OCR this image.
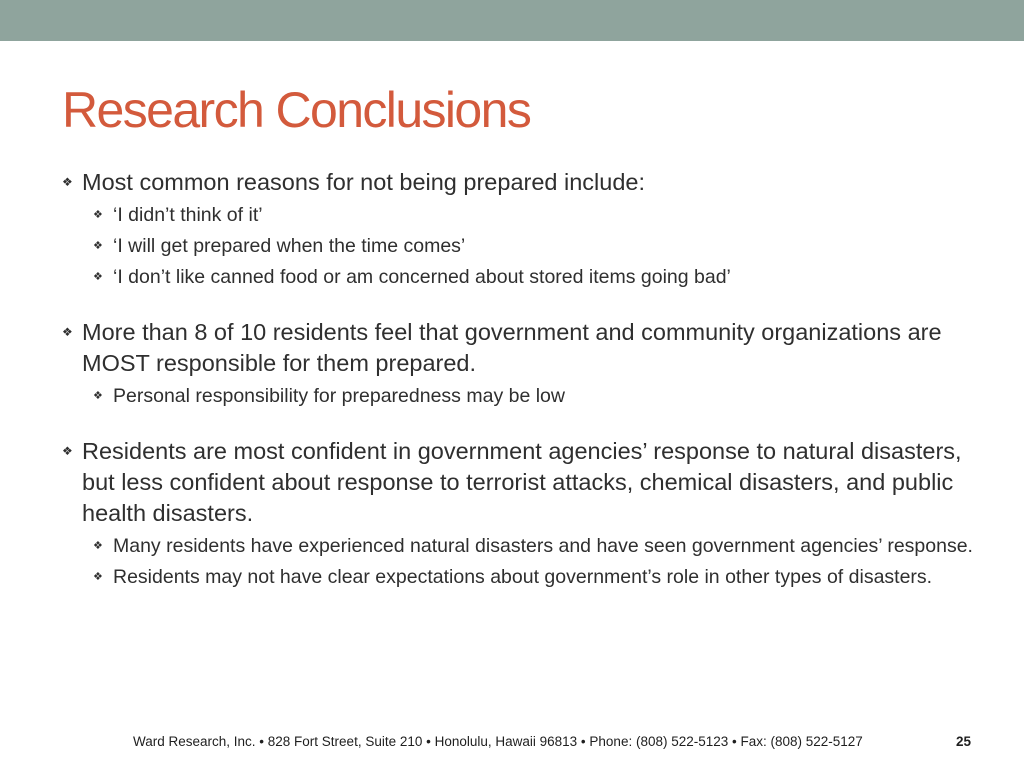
Research Conclusions
❖ Most common reasons for not being prepared include:
❖ ‘I didn’t think of it’
❖ ‘I will get prepared when the time comes’
❖ ‘I don’t like canned food or am concerned about stored items going bad’
❖ More than 8 of 10 residents feel that government and community organizations are MOST responsible for them prepared.
❖ Personal responsibility for preparedness may be low
❖ Residents are most confident in government agencies’ response to natural disasters, but less confident about response to terrorist attacks, chemical disasters, and public health disasters.
❖ Many residents have experienced natural disasters and have seen government agencies’ response.
❖ Residents may not have clear expectations about government’s role in other types of disasters.
Ward Research, Inc. • 828 Fort Street, Suite 210 • Honolulu, Hawaii 96813 • Phone: (808) 522-5123 • Fax: (808) 522-5127	25
